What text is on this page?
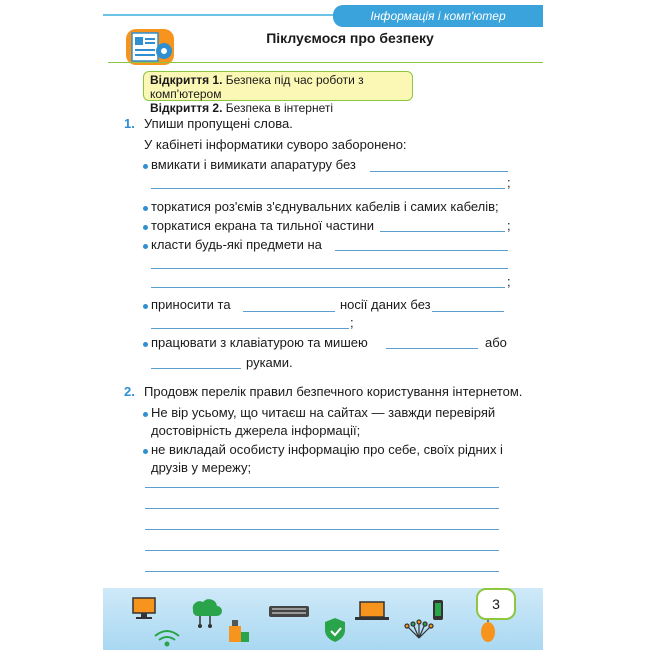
Інформація і комп'ютер
Піклуємося про безпеку
Відкриття 1. Безпека під час роботи з комп'ютером
Відкриття 2. Безпека в інтернеті
1. Упиши пропущені слова.
У кабінеті інформатики суворо заборонено:
вмикати і вимикати апаратуру без
;
торкатися роз'ємів з'єднувальних кабелів і самих кабелів;
торкатися екрана та тильної частини	;
класти будь-які предмети на
;
приносити та	носії даних без
;
працювати з клавіатурою та мишею	або
руками.
2. Продовж перелік правил безпечного користування інтернетом.
Не вір усьому, що читаєш на сайтах — завжди перевіряй
достовірність джерела інформації;
не викладай особисту інформацію про себе, своїх рідних і
друзів у мережу;
3
